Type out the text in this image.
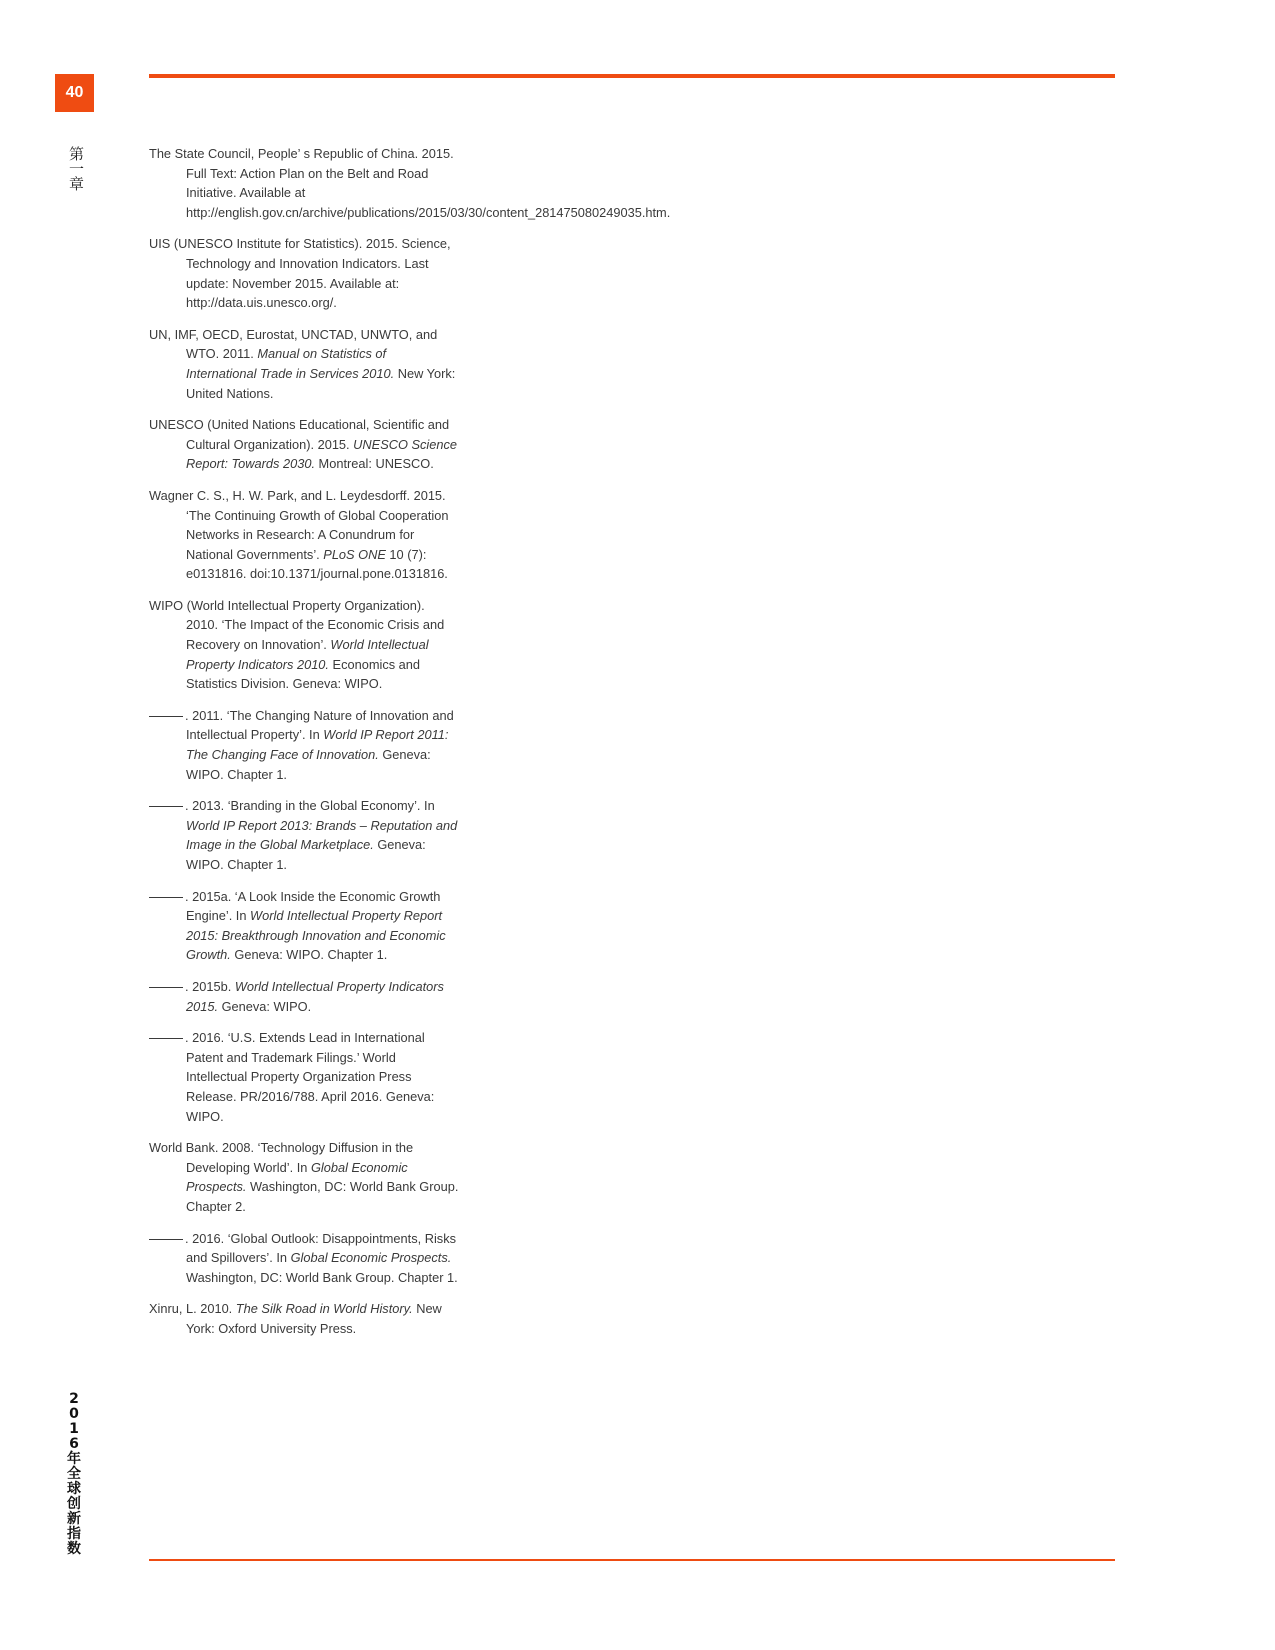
40
第一章
2
0
1
6
年
全
球
创
新
指
数
The State Council, People’ s Republic of China. 2015. Full Text: Action Plan on the Belt and Road Initiative. Available at http://english.gov.cn/archive/publications/2015/03/30/content_281475080249035.htm.
UIS (UNESCO Institute for Statistics). 2015. Science, Technology and Innovation Indicators. Last update: November 2015. Available at: http://data.uis.unesco.org/.
UN, IMF, OECD, Eurostat, UNCTAD, UNWTO, and WTO. 2011. Manual on Statistics of International Trade in Services 2010. New York: United Nations.
UNESCO (United Nations Educational, Scientific and Cultural Organization). 2015. UNESCO Science Report: Towards 2030. Montreal: UNESCO.
Wagner C. S., H. W. Park, and L. Leydesdorff. 2015. ‘The Continuing Growth of Global Cooperation Networks in Research: A Conundrum for National Governments’. PLoS ONE 10 (7): e0131816. doi:10.1371/journal.pone.0131816.
WIPO (World Intellectual Property Organization). 2010. ‘The Impact of the Economic Crisis and Recovery on Innovation’. World Intellectual Property Indicators 2010. Economics and Statistics Division. Geneva: WIPO.
. 2011. ‘The Changing Nature of Innovation and Intellectual Property’. In World IP Report 2011: The Changing Face of Innovation. Geneva: WIPO. Chapter 1.
. 2013. ‘Branding in the Global Economy’. In World IP Report 2013: Brands – Reputation and Image in the Global Marketplace. Geneva: WIPO. Chapter 1.
. 2015a. ‘A Look Inside the Economic Growth Engine’. In World Intellectual Property Report 2015: Breakthrough Innovation and Economic Growth. Geneva: WIPO. Chapter 1.
. 2015b. World Intellectual Property Indicators 2015. Geneva: WIPO.
. 2016. ‘U.S. Extends Lead in International Patent and Trademark Filings.’ World Intellectual Property Organization Press Release. PR/2016/788. April 2016. Geneva: WIPO.
World Bank. 2008. ‘Technology Diffusion in the Developing World’. In Global Economic Prospects. Washington, DC: World Bank Group. Chapter 2.
. 2016. ‘Global Outlook: Disappointments, Risks and Spillovers’. In Global Economic Prospects. Washington, DC: World Bank Group. Chapter 1.
Xinru, L. 2010. The Silk Road in World History. New York: Oxford University Press.
